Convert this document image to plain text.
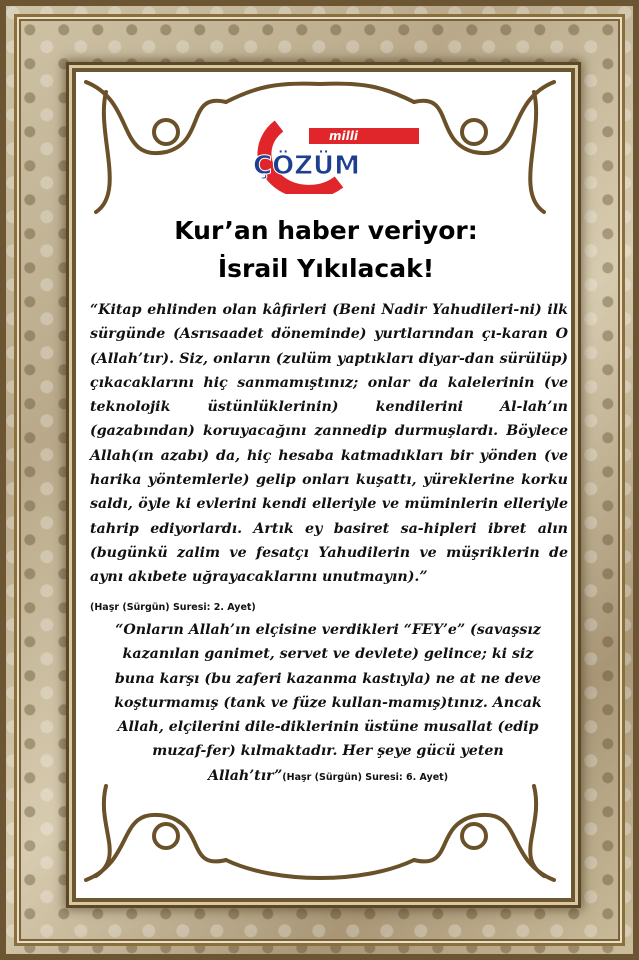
milli
ÇÖZÜM
Kur’an haber veriyor:
İsrail Yıkılacak!
“Kitap ehlinden olan kâfirleri (Beni Nadir Yahudileri-ni) ilk sürgünde (Asrısaadet döneminde) yurtlarından çı-karan O (Allah’tır). Siz, onların (zulüm yaptıkları diyar-dan sürülüp) çıkacaklarını hiç sanmamıştınız; onlar da kalelerinin (ve teknolojik üstünlüklerinin) kendilerini Al-lah’ın (gazabından) koruyacağını zannedip durmuşlardı. Böylece Allah(ın azabı) da, hiç hesaba katmadıkları bir yönden (ve harika yöntemlerle) gelip onları kuşattı, yüreklerine korku saldı, öyle ki evlerini kendi elleriyle ve müminlerin elleriyle tahrip ediyorlardı. Artık ey basiret sa-hipleri ibret alın (bugünkü zalim ve fesatçı Yahudilerin ve müşriklerin de aynı akıbete uğrayacaklarını unutmayın).”
(Haşr (Sürgün) Suresi: 2. Ayet)
“Onların Allah’ın elçisine verdikleri “FEY’e” (savaşsız kazanılan ganimet, servet ve devlete) gelince; ki siz buna karşı (bu zaferi kazanma kastıyla) ne at ne deve koşturmamış (tank ve füze kullan-mamış)tınız. Ancak Allah, elçilerini dile-diklerinin üstüne musallat (edip muzaf-fer) kılmaktadır. Her şeye gücü yeten Allah’tır”(Haşr (Sürgün) Suresi: 6. Ayet)
